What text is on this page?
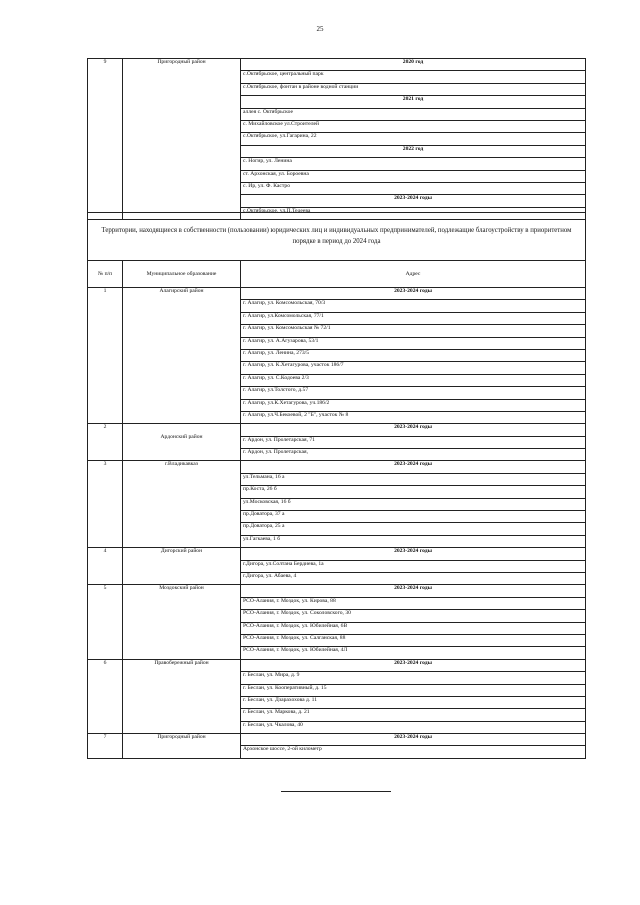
25
9	Пригородный район	2020 год
с.Октябрьское, центральный парк
с.Октябрьское, фонтан в районе водной станции
2021 год
аллея с. Октябрьское
с. Михайловское ул.Строителей
с.Октябрьское, ул.Гагарина, 22
2022 год
с. Ногир, ул. Ленина
ст. Архонская, ул. Бороевна
с. Ир, ул. Ф. Кастро
2023-2024 годы
с.Октябрьское, ул.П.Тедеева
Территории, находящиеся в собственности (пользовании) юридических лиц и индивидуальных предпринимателей, подлежащие благоустройству в приоритетном порядке в период до 2024 года		
№ п/п	Муниципальное образование	Адрес
1	Алагирский район	2023-2024 годы
		г. Алагир, ул. Комсомольская, 70/3
		г. Алагир, ул.Комсомольская, 77/1
		г. Алагир, ул. Комсомольская № 72/1
		г. Алагир, ул. А.Агузарова, 53/1
		г. Алагир, ул. Ленина, 273/5
		г. Алагир, ул. К.Хетагурова, участок 186/7
		г. Алагир, ул. С.Кодоева 2/3
		г. Алагир, ул.Толстого, д.57
		г. Алагир, ул.К.Хетагурова, уч.186/2
		г. Алагир, ул.Ч.Бекоевой, 2 "Б", участок № 8
2	Ардонский район	2023-2024 годы
		г. Ардон, ул. Пролетарская, 71
		г. Ардон, ул. Пролетарская,
3	г.Владикавказ	2023-2024 годы
		ул.Тельмана, 16 а
		пр.Коста, 26 б
		ул.Московская, 16 б
		пр.Доватора, 37 а
		пр.Доватора, 25 а
		ул.Гагкаева, 1 б
4	Дигорский район	2023-2024 годы
		г.Дигора, ул.Солтана Бердиева, 1а
		г.Дигора, ул. Абаева, 4
5	Моздокский район	2023-2024 годы
		РСО-Алания, г. Моздок, ул. Кирова, 88
		РСО-Алания, г. Моздок, ул. Соколовского, 30
		РСО-Алания, г. Моздок, ул. Юбилейная, 6В
		РСО-Алания, г. Моздок, ул. Салганская, 88
		РСО-Алания, г. Моздок, ул. Юбилейная, 4Л
6	Правобережный район	2023-2024 годы
		г. Беслан, ул. Мира, д. 9
		г. Беслан, ул. Кооперативный, д. 15
		г. Беслан, ул. Дзарахохова д. 11
		г. Беслан, ул. Маркова, д. 21
		г. Беслан, ул. Чкалова, 40
7	Пригородный район	2023-2024 годы
		Архонское шоссе, 2-ой километр
